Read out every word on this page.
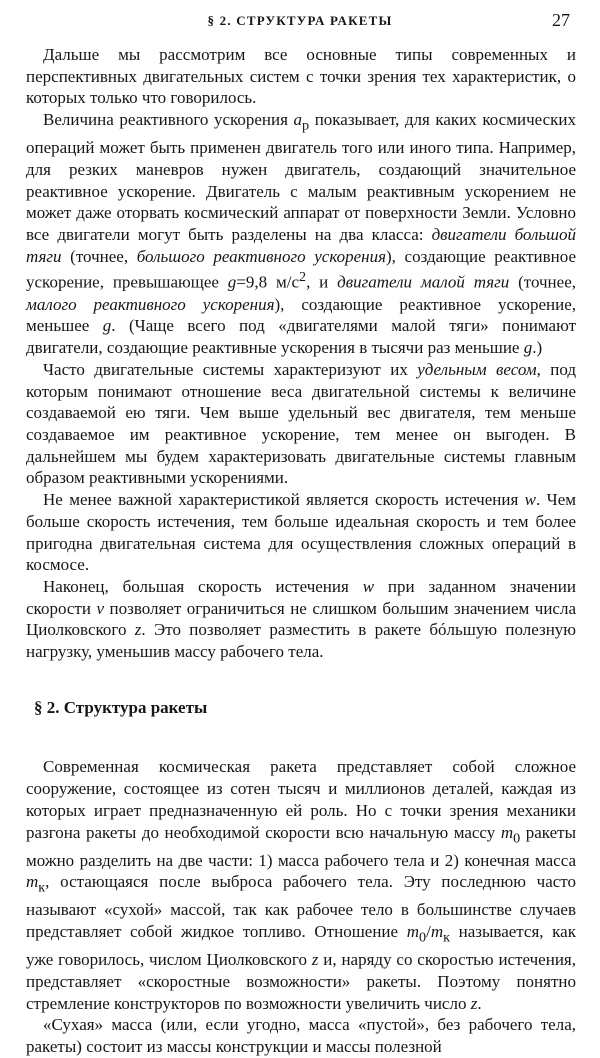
§ 2. СТРУКТУРА РАКЕТЫ	27

Дальше мы рассмотрим все основные типы современных и перспективных двигательных систем с точки зрения тех характеристик, о которых только что говорилось.

Величина реактивного ускорения $a_p$ показывает, для каких космических операций может быть применен двигатель того или иного типа. Например, для резких маневров нужен двигатель, создающий значительное реактивное ускорение. Двигатель с малым реактивным ускорением не может даже оторвать космический аппарат от поверхности Земли. Условно все двигатели могут быть разделены на два класса: двигатели большой тяги (точнее, большого реактивного ускорения), создающие реактивное ускорение, превышающее g=9,8 $м/с^2$, и двигатели малой тяги (точнее, малого реактивного ускорения), создающие реактивное ускорение, меньшее g. (Чаще всего под «двигателями малой тяги» понимают двигатели, создающие реактивные ускорения в тысячи раз меньшие g.)

Часто двигательные системы характеризуют их удельным весом, под которым понимают отношение веса двигательной системы к величине создаваемой ею тяги. Чем выше удельный вес двигателя, тем меньше создаваемое им реактивное ускорение, тем менее он выгоден. В дальнейшем мы будем характеризовать двигательные системы главным образом реактивными ускорениями.

Не менее важной характеристикой является скорость истечения w. Чем больше скорость истечения, тем больше идеальная скорость и тем более пригодна двигательная система для осуществления сложных операций в космосе.

Наконец, большая скорость истечения w при заданном значении скорости v позволяет ограничиться не слишком большим значением числа Циолковского z. Это позволяет разместить в ракете бóльшую полезную нагрузку, уменьшив массу рабочего тела.

§ 2. Структура ракеты

Современная космическая ракета представляет собой сложное сооружение, состоящее из сотен тысяч и миллионов деталей, каждая из которых играет предназначенную ей роль. Но с точки зрения механики разгона ракеты до необходимой скорости всю начальную массу $m_0$ ракеты можно разделить на две части: 1) масса рабочего тела и 2) конечная масса $m_к$, остающаяся после выброса рабочего тела. Эту последнюю часто называют «сухой» массой, так как рабочее тело в большинстве случаев представляет собой жидкое топливо. Отношение $m_0/m_к$ называется, как уже говорилось, числом Циолковского z и, наряду со скоростью истечения, представляет «скоростные возможности» ракеты. Поэтому понятно стремление конструкторов по возможности увеличить число z.

«Сухая» масса (или, если угодно, масса «пустой», без рабочего тела, ракеты) состоит из массы конструкции и массы полезной
